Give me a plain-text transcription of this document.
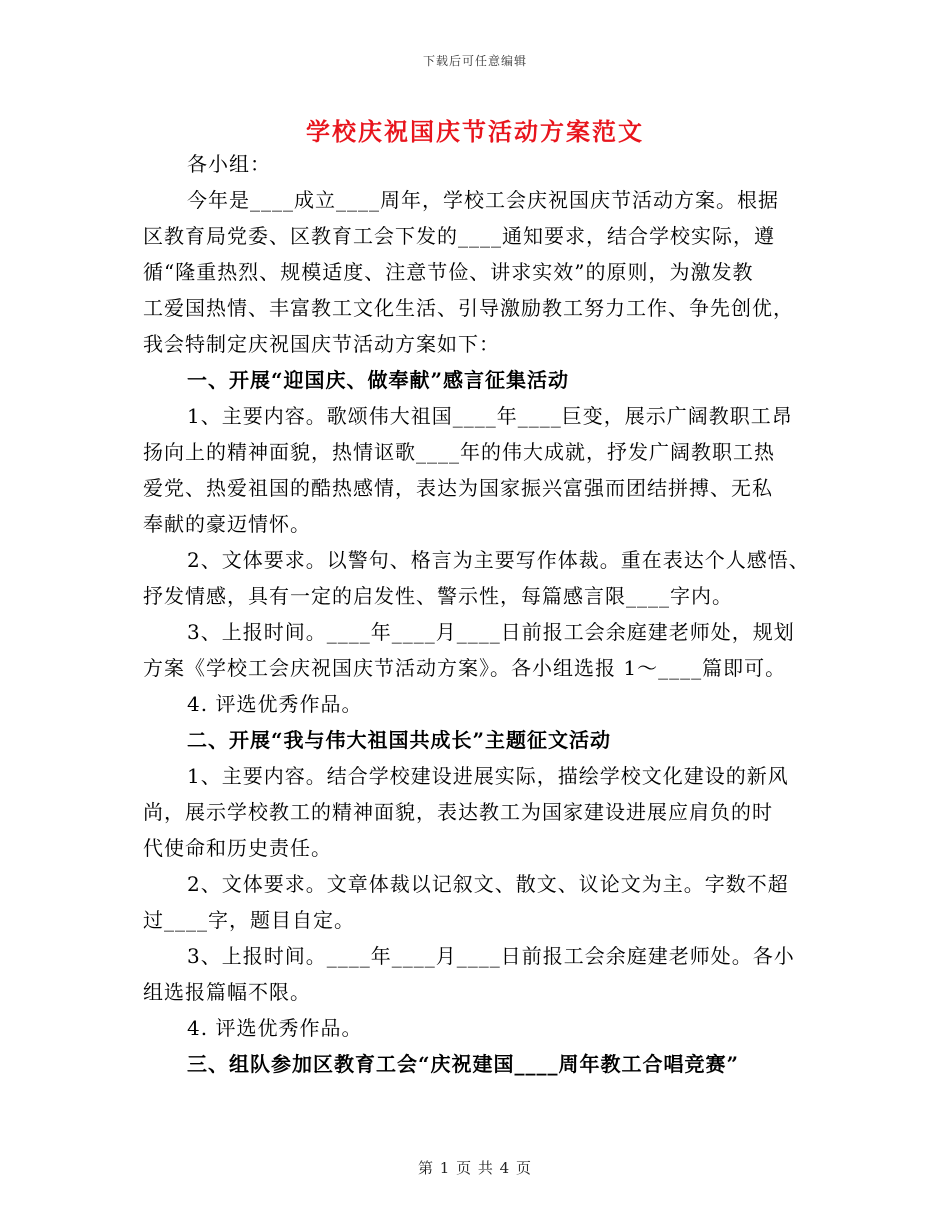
下载后可任意编辑
学校庆祝国庆节活动方案范文
各小组：
今年是____成立____周年，学校工会庆祝国庆节活动方案。根据
区教育局党委、区教育工会下发的____通知要求，结合学校实际，遵
循“隆重热烈、规模适度、注意节俭、讲求实效”的原则，为激发教
工爱国热情、丰富教工文化生活、引导激励教工努力工作、争先创优，
我会特制定庆祝国庆节活动方案如下：
一、开展“迎国庆、做奉献”感言征集活动
1、主要内容。歌颂伟大祖国____年____巨变，展示广阔教职工昂
扬向上的精神面貌，热情讴歌____年的伟大成就，抒发广阔教职工热
爱党、热爱祖国的酷热感情，表达为国家振兴富强而团结拼搏、无私
奉献的豪迈情怀。
2、文体要求。以警句、格言为主要写作体裁。重在表达个人感悟、
抒发情感，具有一定的启发性、警示性，每篇感言限____字内。
3、上报时间。____年____月____日前报工会余庭建老师处，规划
方案《学校工会庆祝国庆节活动方案》。各小组选报 1～____篇即可。
4. 评选优秀作品。
二、开展“我与伟大祖国共成长”主题征文活动
1、主要内容。结合学校建设进展实际，描绘学校文化建设的新风
尚，展示学校教工的精神面貌，表达教工为国家建设进展应肩负的时
代使命和历史责任。
2、文体要求。文章体裁以记叙文、散文、议论文为主。字数不超
过____字，题目自定。
3、上报时间。____年____月____日前报工会余庭建老师处。各小
组选报篇幅不限。
4. 评选优秀作品。
三、组队参加区教育工会“庆祝建国____周年教工合唱竞赛”
第 1 页 共 4 页
